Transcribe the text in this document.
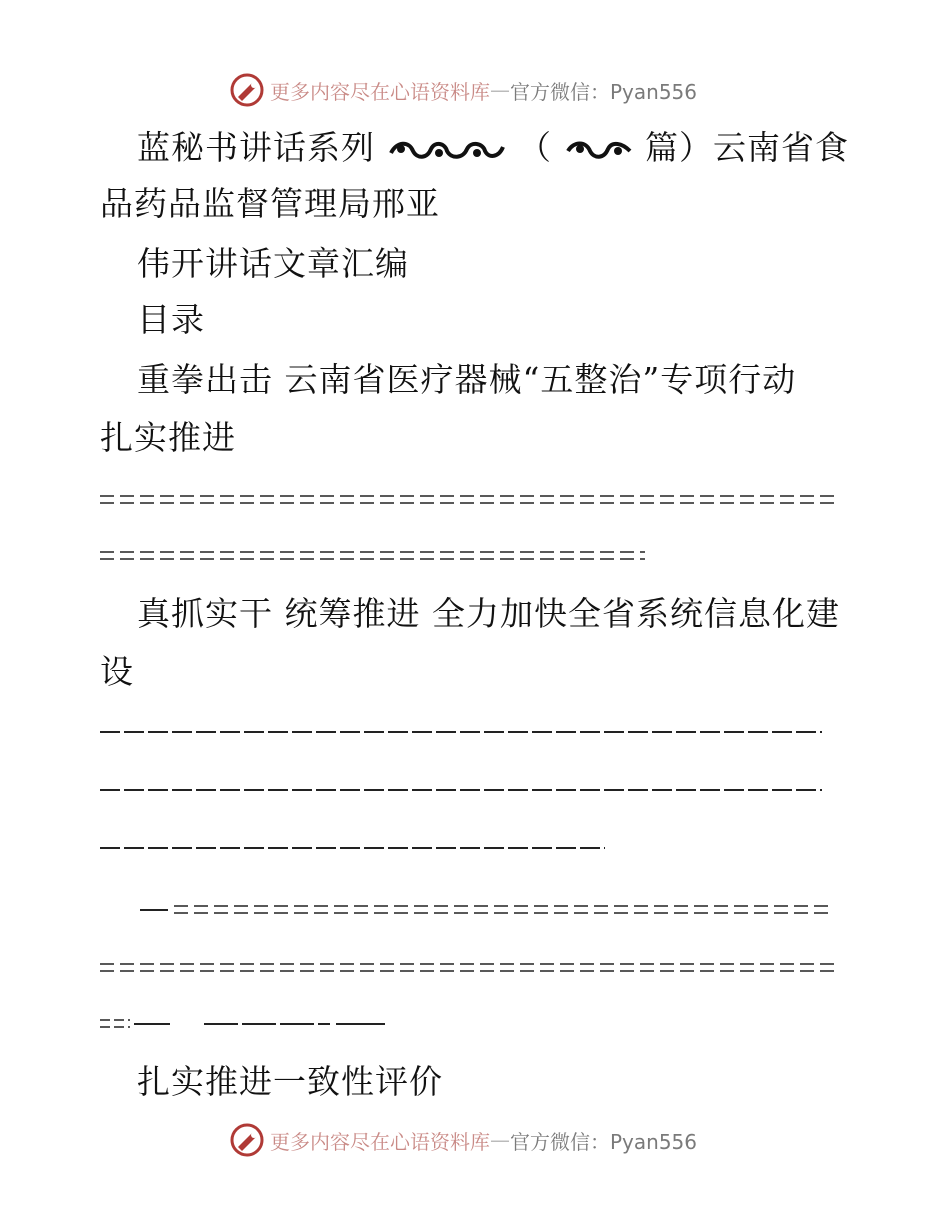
更多内容尽在心语资料库 — 官方微信：Pyan556
蓝秘书讲话系列	（	篇）云南省食
品药品监督管理局邢亚
伟开讲话文章汇编
目录
重拳出击 云南省医疗器械“五整治”专项行动
扎实推进
真抓实干 统筹推进 全力加快全省系统信息化建
设
扎实推进一致性评价
更多内容尽在心语资料库 — 官方微信：Pyan556
